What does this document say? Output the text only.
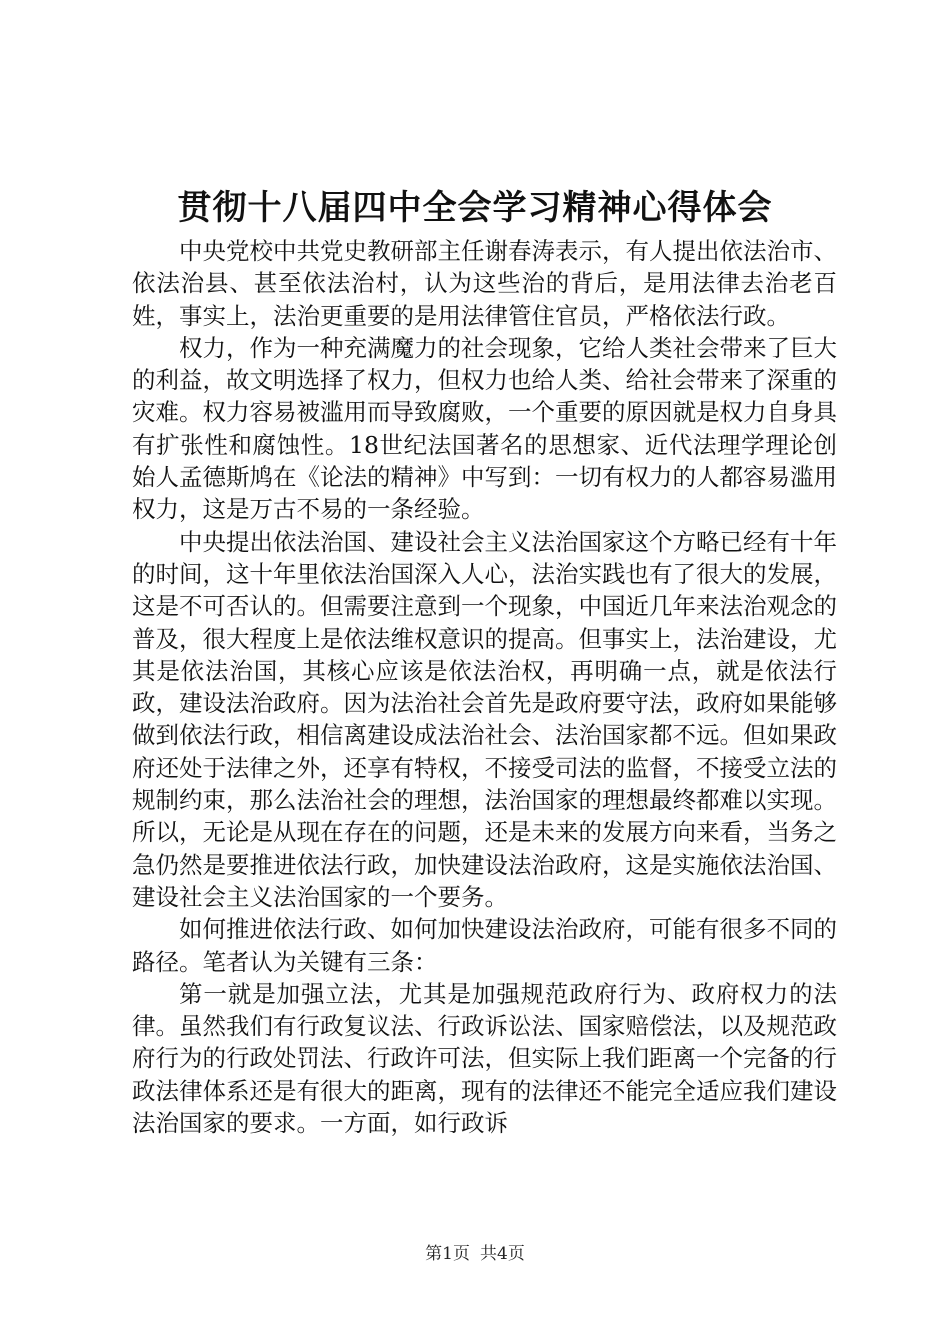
贯彻十八届四中全会学习精神心得体会

中央党校中共党史教研部主任谢春涛表示，有人提出依法治市、依法治县、甚至依法治村，认为这些治的背后，是用法律去治老百姓，事实上，法治更重要的是用法律管住官员，严格依法行政。

权力，作为一种充满魔力的社会现象，它给人类社会带来了巨大的利益，故文明选择了权力，但权力也给人类、给社会带来了深重的灾难。权力容易被滥用而导致腐败，一个重要的原因就是权力自身具有扩张性和腐蚀性。18世纪法国著名的思想家、近代法理学理论创始人孟德斯鸠在《论法的精神》中写到：一切有权力的人都容易滥用权力，这是万古不易的一条经验。

中央提出依法治国、建设社会主义法治国家这个方略已经有十年的时间，这十年里依法治国深入人心，法治实践也有了很大的发展，这是不可否认的。但需要注意到一个现象，中国近几年来法治观念的普及，很大程度上是依法维权意识的提高。但事实上，法治建设，尤其是依法治国，其核心应该是依法治权，再明确一点，就是依法行政，建设法治政府。因为法治社会首先是政府要守法，政府如果能够做到依法行政，相信离建设成法治社会、法治国家都不远。但如果政府还处于法律之外，还享有特权，不接受司法的监督，不接受立法的规制约束，那么法治社会的理想，法治国家的理想最终都难以实现。所以，无论是从现在存在的问题，还是未来的发展方向来看，当务之急仍然是要推进依法行政，加快建设法治政府，这是实施依法治国、建设社会主义法治国家的一个要务。

如何推进依法行政、如何加快建设法治政府，可能有很多不同的路径。笔者认为关键有三条：

第一就是加强立法，尤其是加强规范政府行为、政府权力的法律。虽然我们有行政复议法、行政诉讼法、国家赔偿法，以及规范政府行为的行政处罚法、行政许可法，但实际上我们距离一个完备的行政法律体系还是有很大的距离，现有的法律还不能完全适应我们建设法治国家的要求。一方面，如行政诉

第1页 共4页
